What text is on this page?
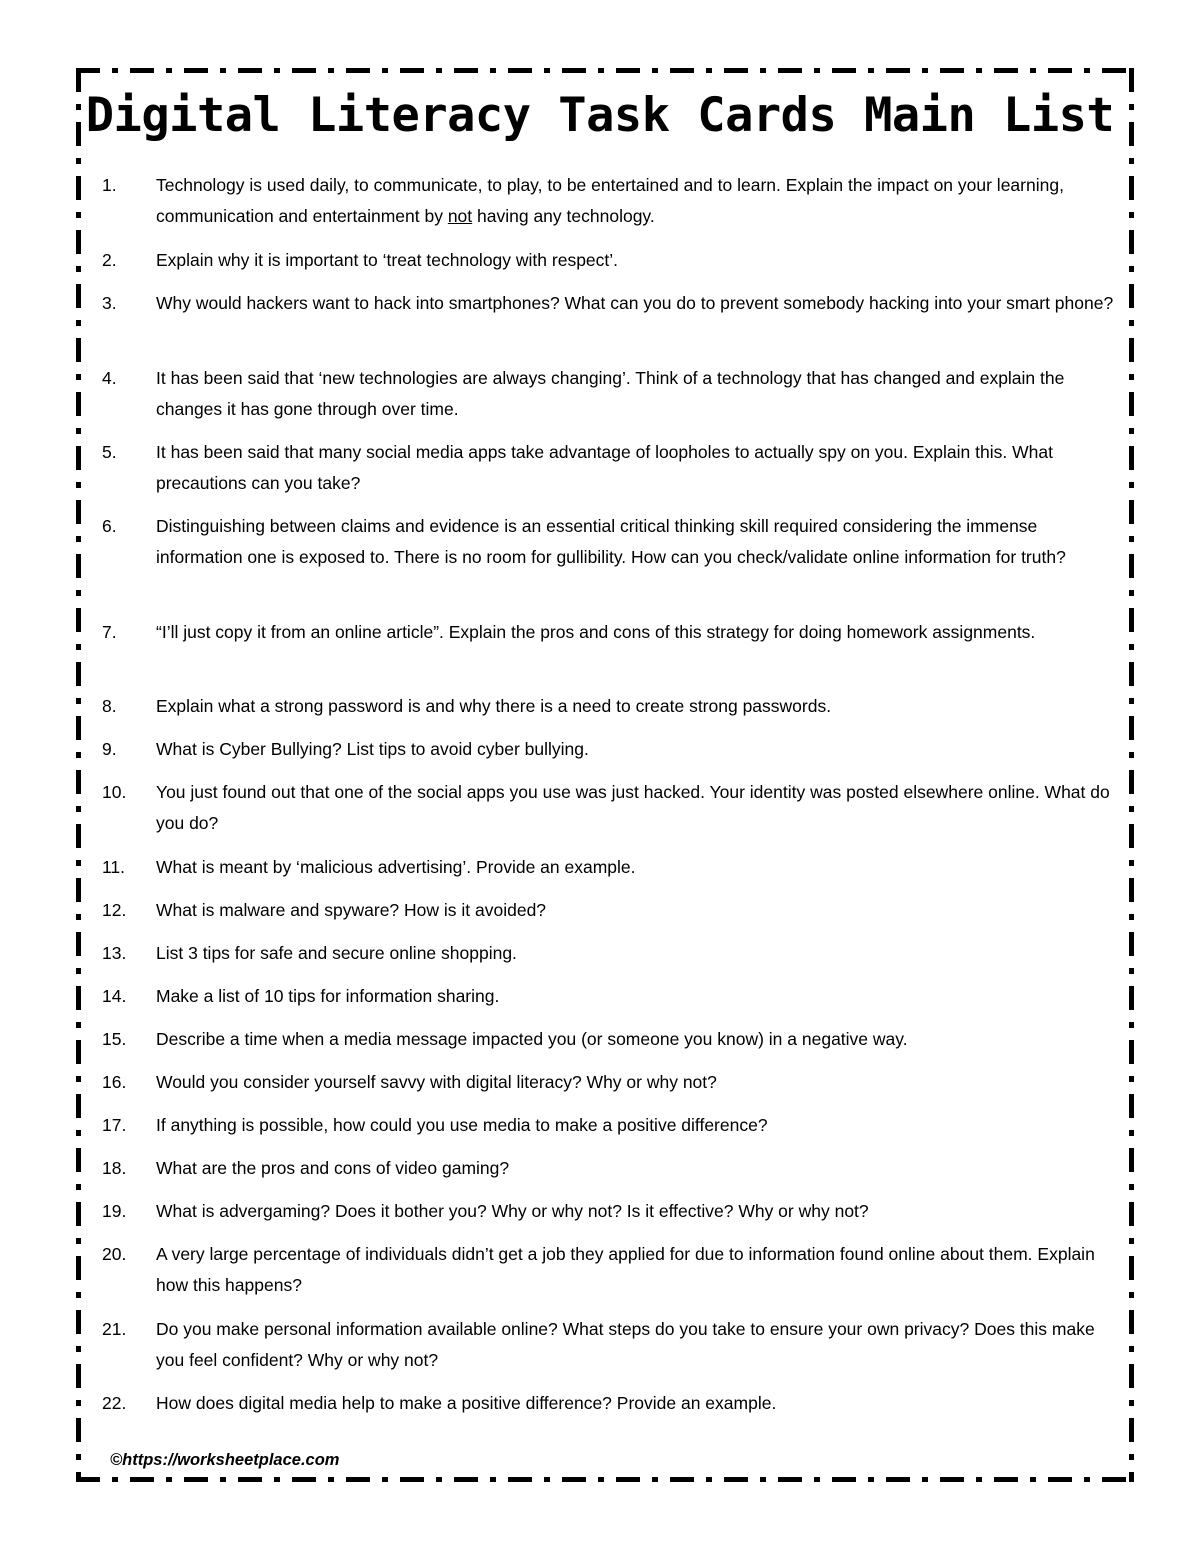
Digital Literacy Task Cards Main List
1.	Technology is used daily, to communicate, to play, to be entertained and to learn. Explain the impact on your learning, communication and entertainment by not having any technology.
2.	Explain why it is important to ‘treat technology with respect’.
3.	Why would hackers want to hack into smartphones? What can you do to prevent somebody hacking into your smart phone?
4.	It has been said that ‘new technologies are always changing’. Think of a technology that has changed and explain the changes it has gone through over time.
5.	It has been said that many social media apps take advantage of loopholes to actually spy on you. Explain this. What precautions can you take?
6.	Distinguishing between claims and evidence is an essential critical thinking skill required considering the immense information one is exposed to. There is no room for gullibility. How can you check/validate online information for truth?
7.	“I’ll just copy it from an online article”. Explain the pros and cons of this strategy for doing homework assignments.
8.	Explain what a strong password is and why there is a need to create strong passwords.
9.	What is Cyber Bullying? List tips to avoid cyber bullying.
10.	You just found out that one of the social apps you use was just hacked. Your identity was posted elsewhere online. What do you do?
11.	What is meant by ‘malicious advertising’. Provide an example.
12.	What is malware and spyware? How is it avoided?
13.	List 3 tips for safe and secure online shopping.
14.	Make a list of 10 tips for information sharing.
15.	Describe a time when a media message impacted you (or someone you know) in a negative way.
16.	Would you consider yourself savvy with digital literacy? Why or why not?
17.	If anything is possible, how could you use media to make a positive difference?
18.	What are the pros and cons of video gaming?
19.	What is advergaming? Does it bother you? Why or why not? Is it effective? Why or why not?
20.	A very large percentage of individuals didn’t get a job they applied for due to information found online about them. Explain how this happens?
21.	Do you make personal information available online? What steps do you take to ensure your own privacy? Does this make you feel confident? Why or why not?
22.	How does digital media help to make a positive difference? Provide an example.
©https://worksheetplace.com
